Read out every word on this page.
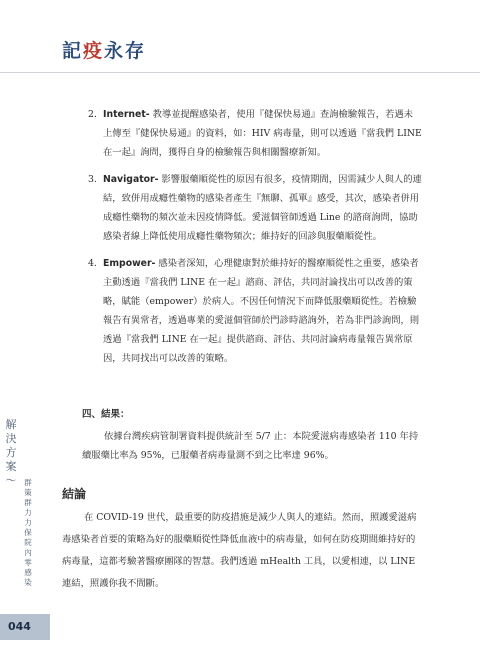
記疫永存
2. Internet- 教導並提醒感染者，使用『健保快易通』查詢檢驗報告，若遇未上傳至『健保快易通』的資料，如：HIV 病毒量，則可以透過『當我們 LINE 在一起』詢問，獲得自身的檢驗報告與相關醫療新知。
3. Navigator- 影響服藥順從性的原因有很多，疫情期間，因需減少人與人的連結，致併用成癮性藥物的感染者產生『無聊、孤單』感受，其次，感染者併用成癮性藥物的頻次並未因疫情降低。愛滋個管師透過 Line 的諮商詢問，協助感染者線上降低使用成癮性藥物頻次；維持好的回診與服藥順從性。
4. Empower- 感染者深知，心理健康對於維持好的醫療順從性之重要，感染者主動透過『當我們 LINE 在一起』諮商、評估，共同討論找出可以改善的策略，賦能（empower）於病人。不因任何情況下而降低服藥順從性。若檢驗報告有異常者，透過專業的愛滋個管師於門診時諮詢外，若為非門診詢問，則透過『當我們 LINE 在一起』提供諮商、評估、共同討論病毒量報告異常原因，共同找出可以改善的策略。
四、結果：
依據台灣疾病管制署資料提供統計至 5/7 止：本院愛滋病毒感染者 110 年持續服藥比率為 95%，已服藥者病毒量測不到之比率達 96%。
結論
在 COVID-19 世代，最重要的防疫措施是減少人與人的連結。然而，照護愛滋病毒感染者首要的策略為好的服藥順從性降低血液中的病毒量，如何在防疫期間維持好的病毒量，這都考驗著醫療團隊的智慧。我們透過 mHealth 工具，以愛相連，以 LINE 連結，照護你我不間斷。
解決方案
〜	群策群力力保院內零感染
044
